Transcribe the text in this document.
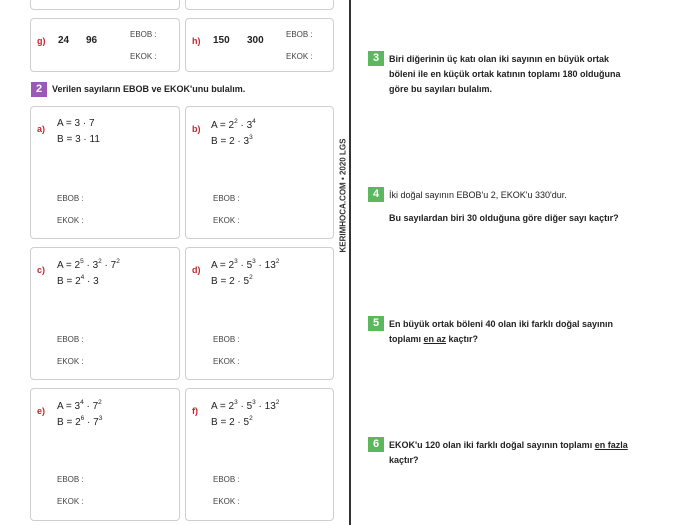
g) 24 96
EBOB :
EKOK :
h) 150 300
EBOB :
EKOK :
2	Verilen sayıların EBOB ve EKOK'unu bulalım.
a) A = 3 · 7
B = 3 · 11
EBOB :
EKOK :
b) $A = 2^2 \cdot 3^4$
$B = 2 \cdot 3^3$
EBOB :
EKOK :
c) $A = 2^5 \cdot 3^2 \cdot 7^2$
$B = 2^4 \cdot 3$
EBOB :
EKOK :
d) $A = 2^3 \cdot 5^3 \cdot 13^2$
$B = 2 \cdot 5^2$
EBOB :
EKOK :
e) $A = 3^4 \cdot 7^2$
$B = 2^6 \cdot 7^3$
EBOB :
EKOK :
f) $A = 2^3 \cdot 5^3 \cdot 13^2$
$B = 2 \cdot 5^2$
EBOB :
EKOK :
KERIMHOCA.COM • 2020 LGS
3	Biri diğerinin üç katı olan iki sayının en büyük ortak
böleni ile en küçük ortak katının toplamı 180 olduğuna
göre bu sayıları bulalım.
4	İki doğal sayının EBOB'u 2, EKOK'u 330'dur.
Bu sayılardan biri 30 olduğuna göre diğer sayı kaçtır?
5	En büyük ortak böleni 40 olan iki farklı doğal sayının
toplamı en az kaçtır?
6	EKOK'u 120 olan iki farklı doğal sayının toplamı en fazla
kaçtır?
